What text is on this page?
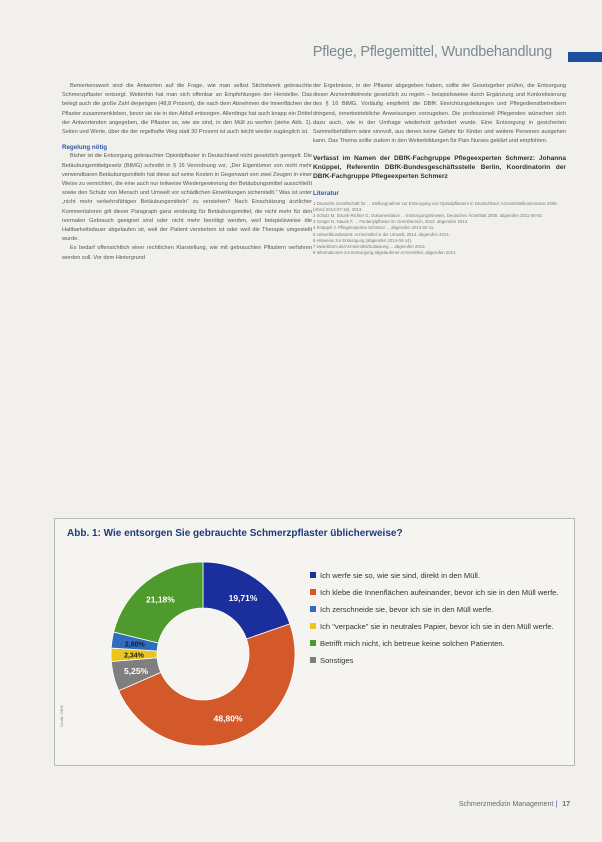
Pflege, Pflegemittel, Wundbehandlung

Bemerkenswert sind die Antworten auf die Frage, wie man selbst Stichelwerk gebrauchte Schmerzpflaster entsorgt. Weiterhin hat man sich offenbar an Empfehlungen der Hersteller. Das belegt auch die große Zahl derjenigen (48,8 Prozent), die nach dem Abnehmen die Innenflächen der Pflaster zusammenkleben, bevor sie sie in den Abfall entsorgen. Allerdings hat auch knapp ein Drittel der Antwortenden angegeben, die Pflaster so, wie sie sind, in den Müll zu werfen (siehe Abb. 1). Seiten und Werte, über die der regelhafte Weg statt 30 Prozent ist auch leicht wieder zugänglich ist.

Regelung nötig

Bisher ist die Entsorgung gebrauchter Opioidpflaster in Deutschland nicht gesetzlich geregelt. Die Betäubungsmittelgesetz (BtMG) schreibt in § 16 Verordnung vor, „Der Eigentümer von nicht mehr verwendbaren Betäubungsmitteln hat diese auf seine Kosten in Gegenwart von zwei Zeugen in einer Weise zu vernichten, die eine auch nur teilweise Wiedergewinnung der Betäubungsmittel ausschließt sowie den Schutz von Mensch und Umwelt vor schädlichen Einwirkungen sicherstellt.“ Was ist unter „nicht mehr verkehrsfähigen Betäubungsmitteln“ zu verstehen? Nach Einschätzung ärztlicher Kommentatoren gilt dieser Paragraph ganz eindeutig für Betäubungsmittel, die nicht mehr für den normalen Gebrauch geeignet sind oder nicht mehr benötigt werden, weil beispielsweise die Haltbarkeitsdauer abgelaufen ist, weil der Patient verstorben ist oder weil die Therapie umgestellt wurde.

Es bedarf offensichtlich einer rechtlichen Klarstellung, wie mit gebrauchten Pflastern verfahren werden soll. Vor dem Hintergrund

der Ergebnisse, in der Pflaster abgegeben haben, sollte der Gesetzgeber prüfen, die Entsorgung dieser Arzneimittelreste gesetzlich zu regeln – beispielsweise durch Ergänzung und Konkretisierung des § 16 BtMG. Vorläufig empfiehlt die DBfK Einrichtungsleitungen und Pflegedienstbetreibern dringend, innerbetriebliche Anweisungen vorzugeben. Die professionell Pflegenden wünschen sich dazu auch, wie in der Umfrage wiederholt gefordert wurde. Eine Entsorgung in gesicherten Sammelbehältern wäre sinnvoll, aus denen keine Gefahr für Kinder und weitere Personen ausgehen kann. Das Thema sollte zudem in den Weiterbildungen für Pain Nurses geklärt und empfohlen.

Verfasst im Namen der DBfK-Fachgruppe Pflegeexperten Schmerz: Johanna Knüppel, Referentin DBfK-Bundesgeschäftsstelle Berlin, Koordinatorin der DBfK-Fachgruppe Pflegeexperten Schmerz

Literatur

1 Deutsche Gesellschaft für ... Stellungnahme zur Entsorgung von Opioidpflastern in Deutschland, Arzneimittelkommission 2006 (Abruf 2013-07-16). 2013.
2 Schulz M, Strunk-Richter G, Dokumentation ... Entsorgungshinweis, Deutsches Ärzteblatt 2008. abgerufen 2011-05-02.
3 Gröger D, Nauck F, ... Fentanylpflaster im Grenzbereich, 2012. abgerufen 2013.
4 Knüppel J. Pflegeexperten Schmerz ... abgerufen 2013-02-11.
5 Umweltbundesamt: Arzneimittel in der Umwelt, 2014. abgerufen 2014.
6 Hinweise zur Entsorgung (abgerufen 2014-04-14).
7 www.bfarm.de/Arzneimittel/Zulassung ... abgerufen 2013.
8 Informationen zur Entsorgung abgelaufener Arzneimittel, abgerufen 2014.
Abb. 1: Wie entsorgen Sie gebrauchte Schmerzpflaster üblicherweise?
19,71%
48,80%
5,25%
2,34%
2,80%
21,18%
Ich werfe sie so, wie sie sind, direkt in den Müll.
Ich klebe die Innenflächen aufeinander, bevor ich sie in den Müll werfe.
Ich zerschneide sie, bevor ich sie in den Müll werfe.
Ich "verpacke" sie in neutrales Papier, bevor ich sie in den Müll werfe.
Betrifft mich nicht, ich betreue keine solchen Patienten.
Sonstiges
Grafik: DBfK
Schmerzmedizin Management | 17
